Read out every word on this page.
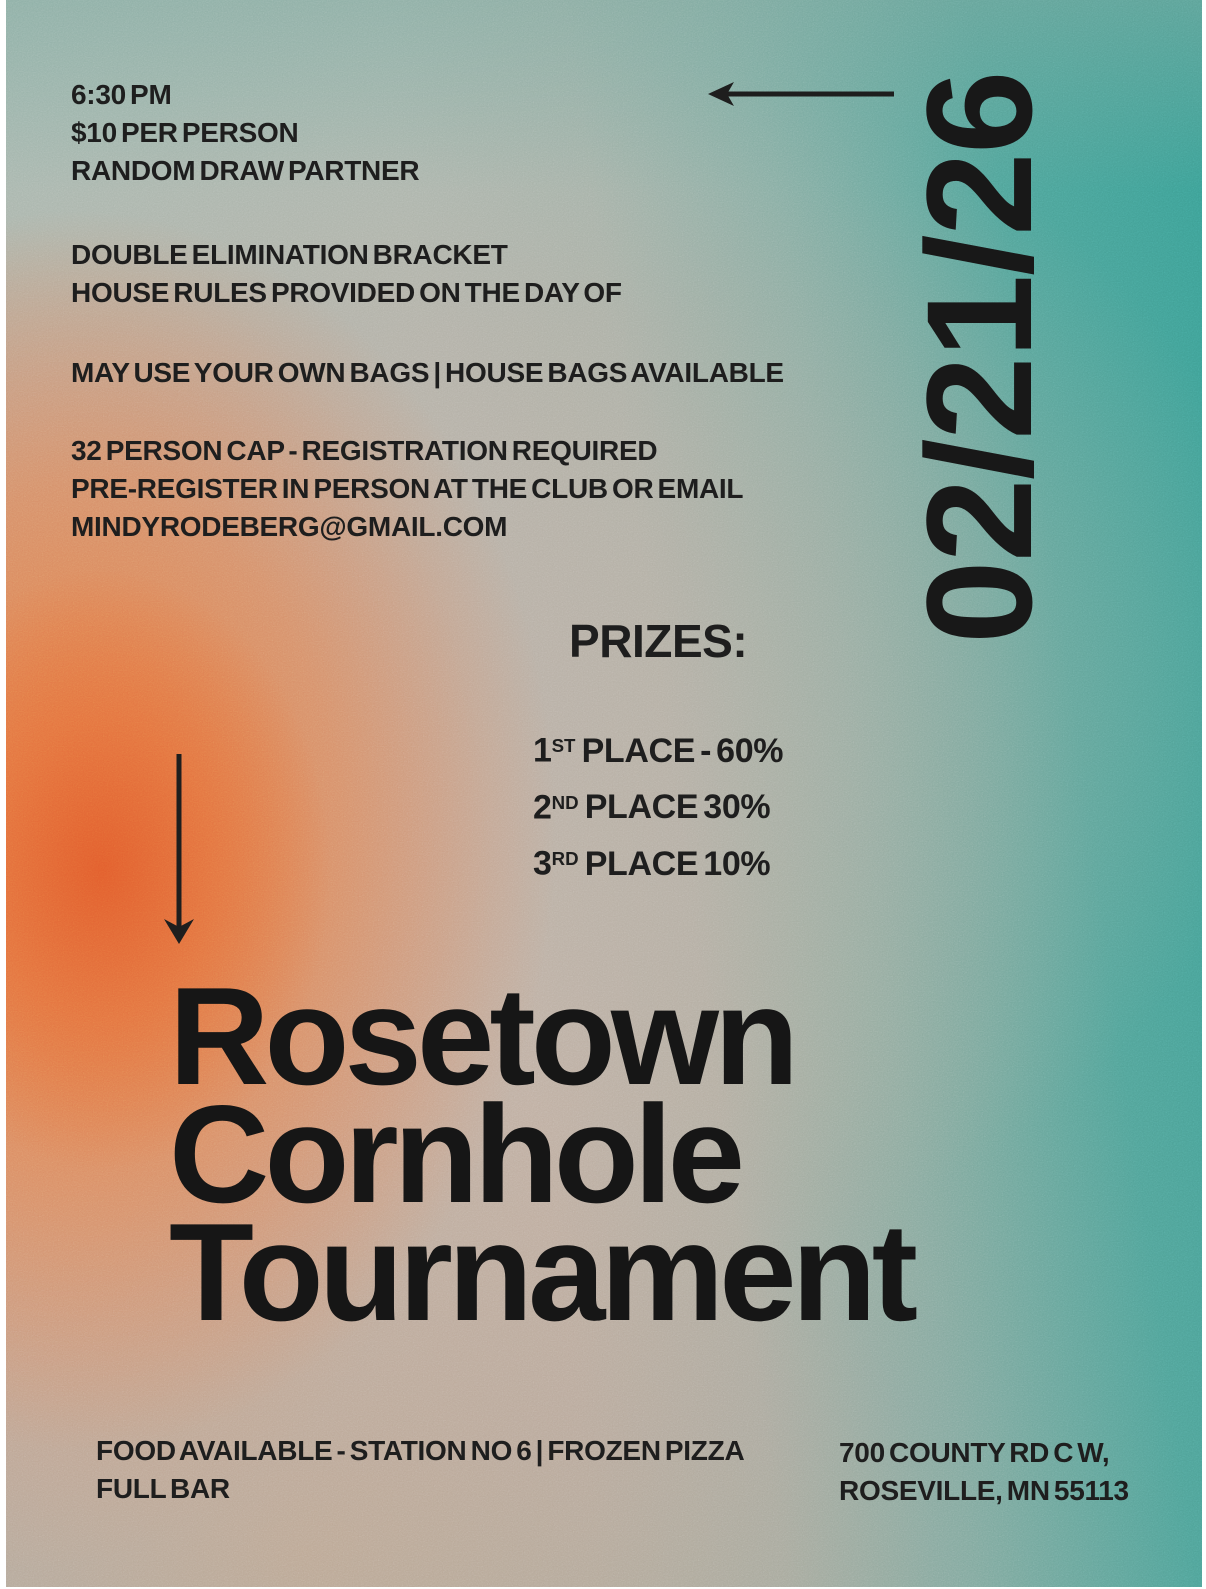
6:30 PM
$10 PER PERSON
RANDOM DRAW PARTNER
DOUBLE ELIMINATION BRACKET
HOUSE RULES PROVIDED ON THE DAY OF
MAY USE YOUR OWN BAGS | HOUSE BAGS AVAILABLE
32 PERSON CAP - REGISTRATION REQUIRED
PRE-REGISTER IN PERSON AT THE CLUB OR EMAIL
MINDYRODEBERG@GMAIL.COM	02/21/26
PRIZES:
1ST PLACE - 60%
2ND PLACE 30%
3RD PLACE 10%
Rosetown
Cornhole
Tournament
FOOD AVAILABLE - STATION NO 6 | FROZEN PIZZA
FULL BAR
700 COUNTY RD C W,
ROSEVILLE, MN 55113
